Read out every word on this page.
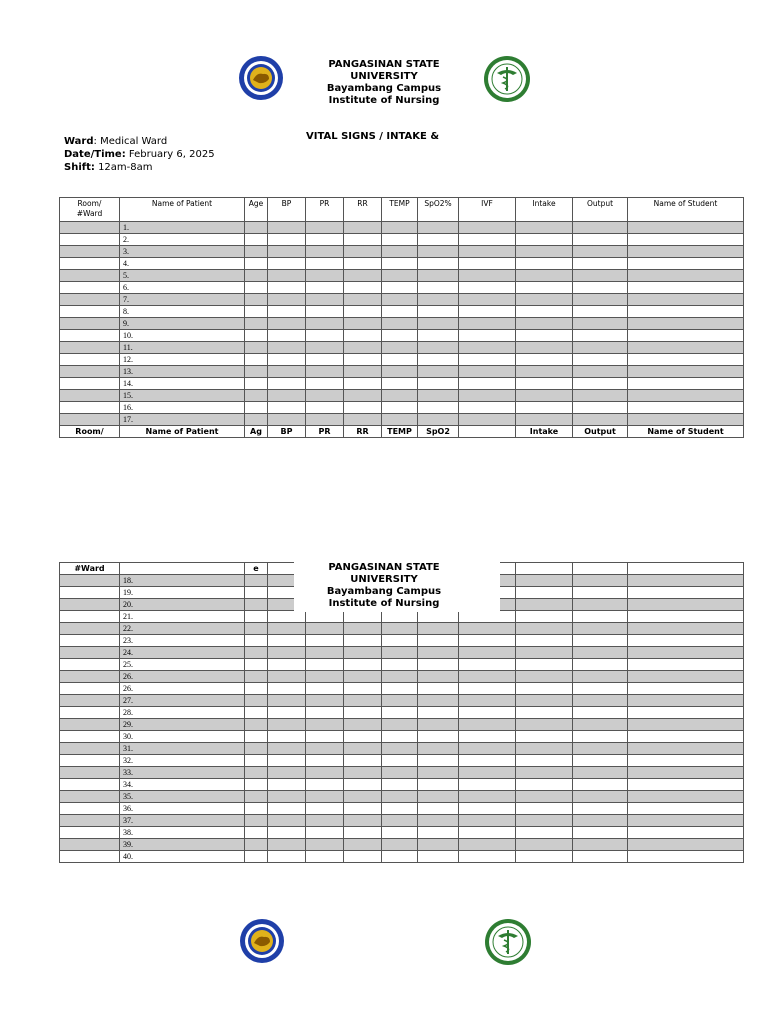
PANGASINAN STATE
UNIVERSITY
Bayambang Campus
Institute of Nursing
VITAL SIGNS / INTAKE &
Ward: Medical Ward
Date/Time: February 6, 2025
Shift: 12am-8am
Room/
#Ward	Name of Patient	Age	BP	PR	RR	TEMP	SpO2%	IVF	Intake	Output	Name of Student
	1.										
	2.										
	3.										
	4.										
	5.										
	6.										
	7.										
	8.										
	9.										
	10.										
	11.										
	12.										
	13.										
	14.										
	15.										
	16.										
	17.										
Room/	Name of Patient	Ag	BP	PR	RR	TEMP	SpO2		Intake	Output	Name of Student
#Ward		e									
	18.										
	19.										
	20.										
	21.										
	22.										
	23.										
	24.										
	25.										
	26.										
	26.										
	27.										
	28.										
	29.										
	30.										
	31.										
	32.										
	33.										
	34.										
	35.										
	36.										
	37.										
	38.										
	39.										
	40.										
PANGASINAN STATE
UNIVERSITY
Bayambang Campus
Institute of Nursing
